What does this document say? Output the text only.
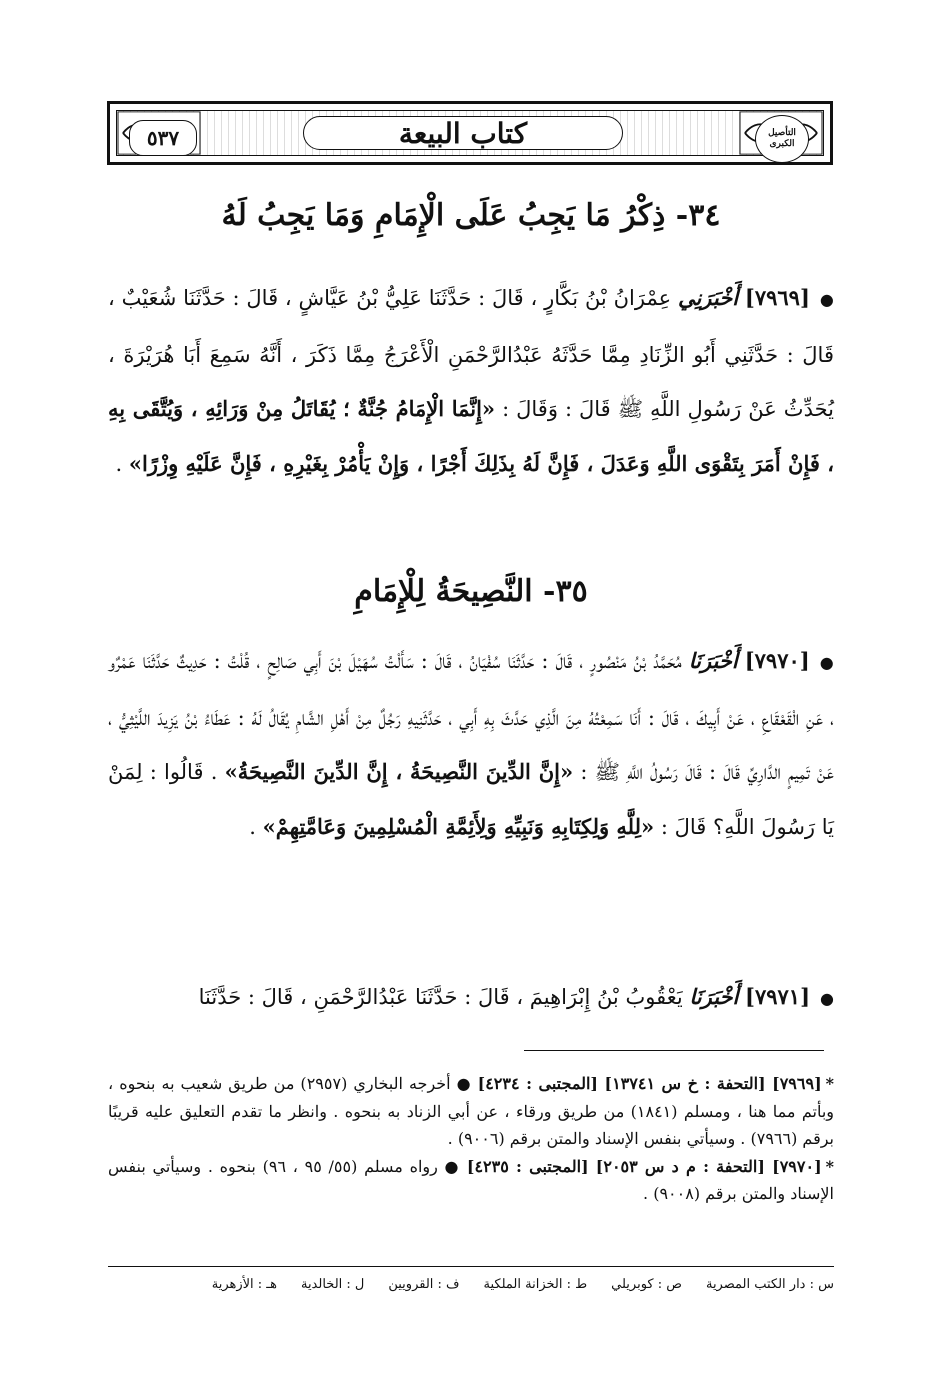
التأصيل
الكبرى
كتاب البيعة
٥٣٧
٣٤- ذِكْرُ مَا يَجِبُ عَلَى الْإِمَامِ وَمَا يَجِبُ لَهُ
●[٧٩٦٩] أَخْبَرَنِي عِمْرَانُ بْنُ بَكَّارٍ ، قَالَ : حَدَّثَنَا عَلِيُّ بْنُ عَيَّاشٍ ، قَالَ : حَدَّثَنَا شُعَيْبٌ ، قَالَ : حَدَّثَنِي أَبُو الزِّنَادِ مِمَّا حَدَّثَهُ عَبْدُالرَّحْمَنِ الْأَعْرَجُ مِمَّا ذَكَرَ ، أَنَّهُ سَمِعَ أَبَا هُرَيْرَةَ ، يُحَدِّثُ عَنْ رَسُولِ اللَّهِ ﷺ قَالَ : وَقَالَ : «إِنَّمَا الْإِمَامُ جُنَّةٌ ؛ يُقَاتَلُ مِنْ وَرَائِهِ ، وَيُتَّقَى بِهِ ، فَإِنْ أَمَرَ بِتَقْوَى اللَّهِ وَعَدَلَ ، فَإِنَّ لَهُ بِذَلِكَ أَجْرًا ، وَإِنْ يَأْمُرْ بِغَيْرِهِ ، فَإِنَّ عَلَيْهِ وِزْرًا» .
٣٥- النَّصِيحَةُ لِلْإِمَامِ
●[٧٩٧٠] أَخْبَرَنَا مُحَمَّدُ بْنُ مَنْصُورٍ ، قَالَ : حَدَّثَنَا سُفْيَانُ ، قَالَ : سَأَلْتُ سُهَيْلَ بْنَ أَبِي صَالِحٍ ، قُلْتُ : حَدِيثٌ حَدَّثَنَا عَمْرٌو ، عَنِ الْقَعْقَاعِ ، عَنْ أَبِيكَ ، قَالَ : أَنَا سَمِعْتُهُ مِنَ الَّذِي حَدَّثَ بِهِ أَبِي ، حَدَّثَنِيهِ رَجُلٌ مِنْ أَهْلِ الشَّامِ يُقَالُ لَهُ : عَطَاءُ بْنُ يَزِيدَ اللَّيْثِيُّ ، عَنْ تَمِيمٍ الدَّارِيِّ قَالَ : قَالَ رَسُولُ اللَّهِ ﷺ : «إِنَّ الدِّينَ النَّصِيحَةُ ، إِنَّ الدِّينَ النَّصِيحَةُ» . قَالُوا : لِمَنْ يَا رَسُولَ اللَّهِ؟ قَالَ : «لِلَّهِ وَلِكِتَابِهِ وَنَبِيِّهِ وَلِأَئِمَّةِ الْمُسْلِمِينَ وَعَامَّتِهِمْ» .
●[٧٩٧١] أَخْبَرَنَا يَعْقُوبُ بْنُ إِبْرَاهِيمَ ، قَالَ : حَدَّثَنَا عَبْدُالرَّحْمَنِ ، قَالَ : حَدَّثَنَا

*[٧٩٦٩] [التحفة : خ س ١٣٧٤١] [المجتبى : ٤٢٣٤] ● أخرجه البخاري (٢٩٥٧) من طريق شعيب به بنحوه ، وبأتم مما هنا ، ومسلم (١٨٤١) من طريق ورقاء ، عن أبي الزناد به بنحوه . وانظر ما تقدم التعليق عليه قريبًا برقم (٧٩٦٦) . وسيأتي بنفس الإسناد والمتن برقم (٩٠٠٦) .

*[٧٩٧٠] [التحفة : م د س ٢٠٥٣] [المجتبى : ٤٢٣٥] ● رواه مسلم (٥٥/ ٩٥ ، ٩٦) بنحوه . وسيأتي بنفس الإسناد والمتن برقم (٩٠٠٨) .

س : دار الكتب المصرية
ص : كوبريلي
ط : الخزانة الملكية
ف : القرويين
ل : الخالدية
هـ : الأزهرية
